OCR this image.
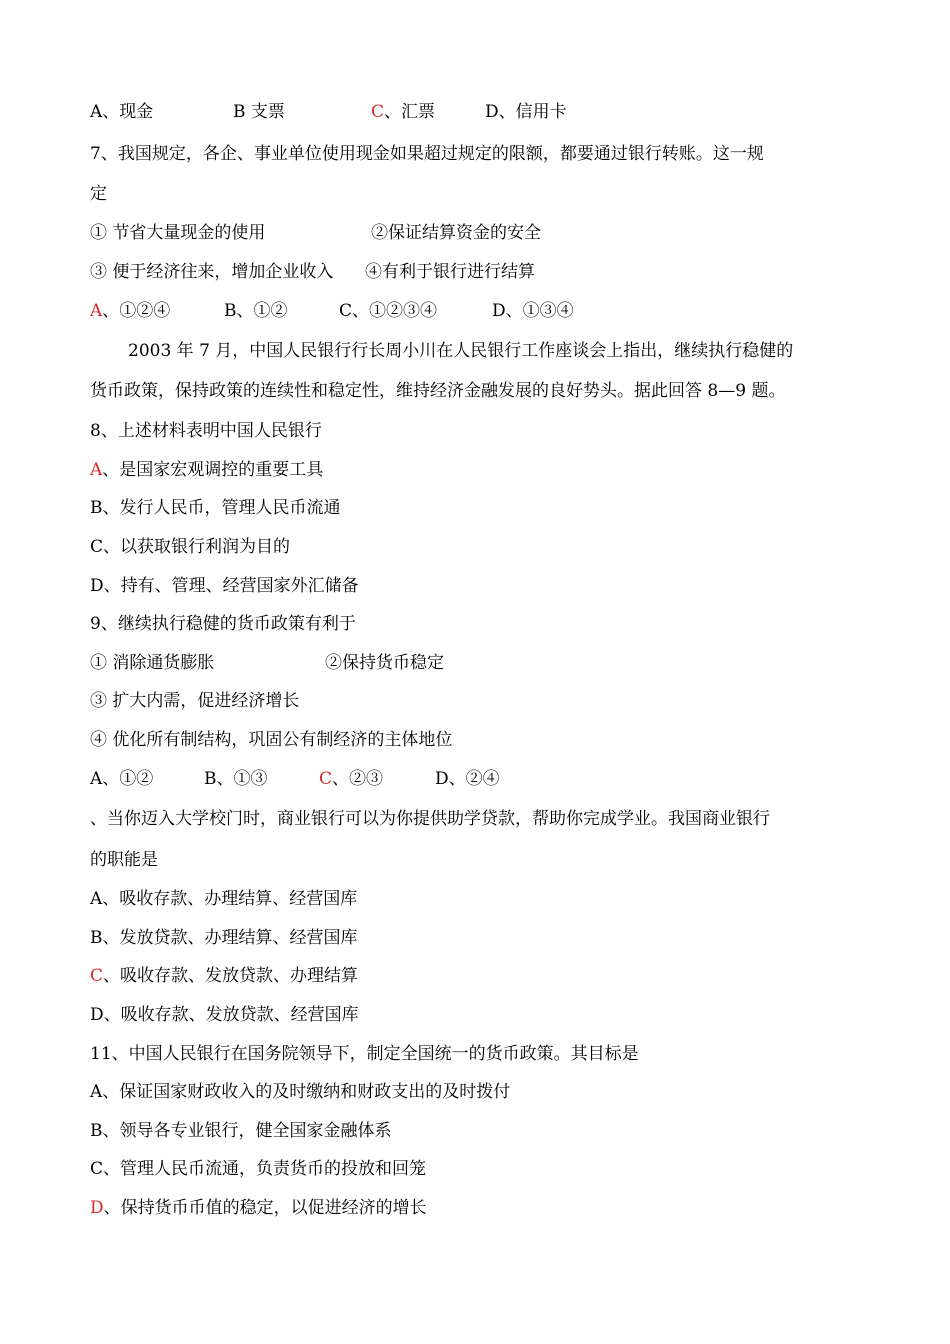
A、现金	B 支票	C、汇票	D、信用卡
7、我国规定，各企、事业单位使用现金如果超过规定的限额，都要通过银行转账。这一规
定
① 节省大量现金的使用	②保证结算资金的安全
③ 便于经济往来，增加企业收入 ④有利于银行进行结算
A、①②④	B、①②	C、①②③④	D、①③④
2003 年 7 月，中国人民银行行长周小川在人民银行工作座谈会上指出，继续执行稳健的
货币政策，保持政策的连续性和稳定性，维持经济金融发展的良好势头。据此回答 8—9 题。
8、上述材料表明中国人民银行
A、是国家宏观调控的重要工具
B、发行人民币，管理人民币流通
C、以获取银行利润为目的
D、持有、管理、经营国家外汇储备
9、继续执行稳健的货币政策有利于
① 消除通货膨胀	②保持货币稳定
③ 扩大内需，促进经济增长
④ 优化所有制结构，巩固公有制经济的主体地位
A、①②	B、①③	C、②③	D、②④
、当你迈入大学校门时，商业银行可以为你提供助学贷款，帮助你完成学业。我国商业银行
的职能是
A、吸收存款、办理结算、经营国库
B、发放贷款、办理结算、经营国库
C、吸收存款、发放贷款、办理结算
D、吸收存款、发放贷款、经营国库
11、中国人民银行在国务院领导下，制定全国统一的货币政策。其目标是
A、保证国家财政收入的及时缴纳和财政支出的及时拨付
B、领导各专业银行，健全国家金融体系
C、管理人民币流通，负责货币的投放和回笼
D、保持货币币值的稳定，以促进经济的增长
